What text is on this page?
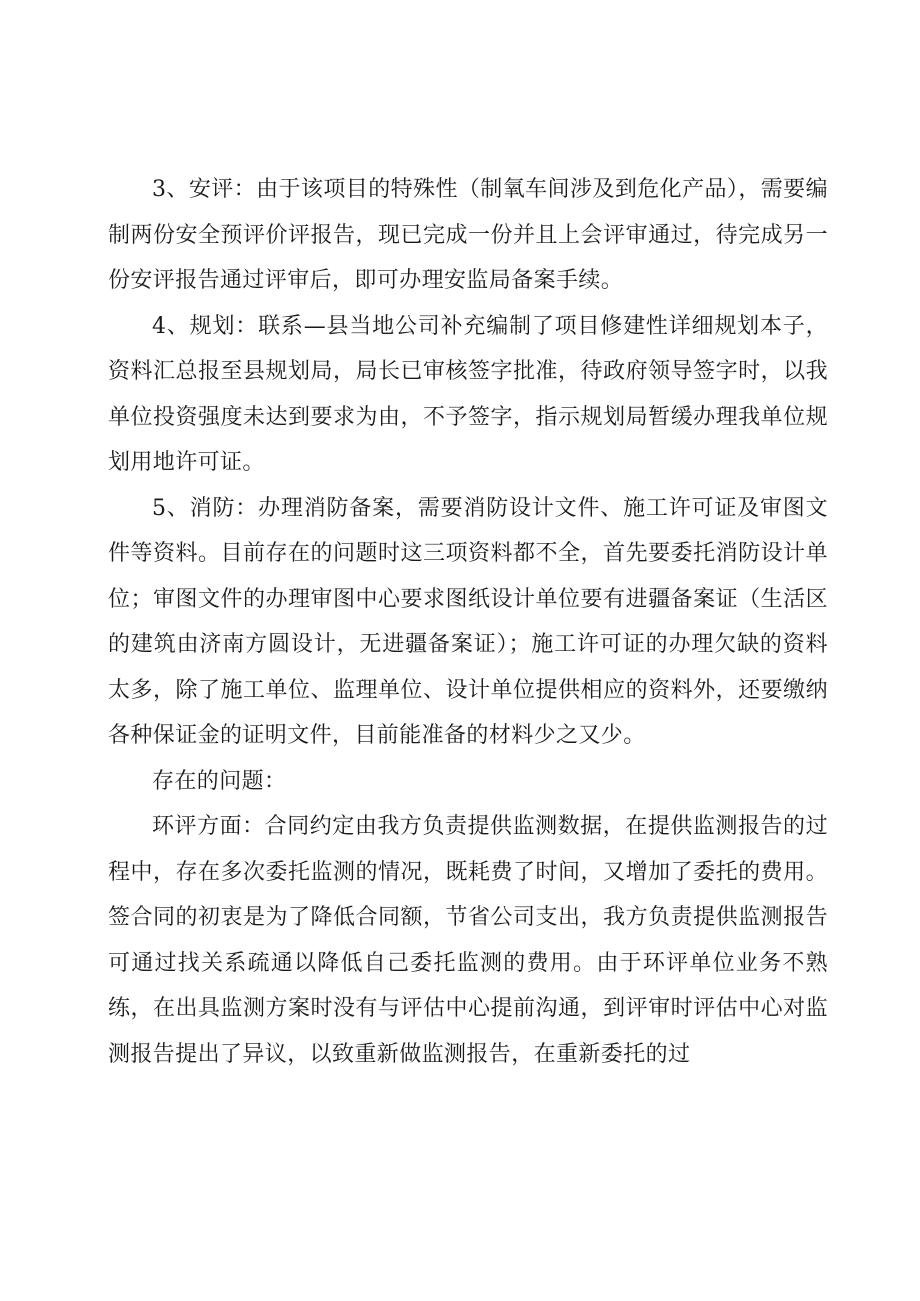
3、安评：由于该项目的特殊性（制氧车间涉及到危化产品），需要编制两份安全预评价评报告，现已完成一份并且上会评审通过，待完成另一份安评报告通过评审后，即可办理安监局备案手续。

4、规划：联系—县当地公司补充编制了项目修建性详细规划本子，资料汇总报至县规划局，局长已审核签字批准，待政府领导签字时，以我单位投资强度未达到要求为由，不予签字，指示规划局暂缓办理我单位规划用地许可证。

5、消防：办理消防备案，需要消防设计文件、施工许可证及审图文件等资料。目前存在的问题时这三项资料都不全，首先要委托消防设计单位；审图文件的办理审图中心要求图纸设计单位要有进疆备案证（生活区的建筑由济南方圆设计，无进疆备案证）；施工许可证的办理欠缺的资料太多，除了施工单位、监理单位、设计单位提供相应的资料外，还要缴纳各种保证金的证明文件，目前能准备的材料少之又少。

存在的问题：

环评方面：合同约定由我方负责提供监测数据，在提供监测报告的过程中，存在多次委托监测的情况，既耗费了时间，又增加了委托的费用。签合同的初衷是为了降低合同额，节省公司支出，我方负责提供监测报告可通过找关系疏通以降低自己委托监测的费用。由于环评单位业务不熟练，在出具监测方案时没有与评估中心提前沟通，到评审时评估中心对监测报告提出了异议，以致重新做监测报告，在重新委托的过
